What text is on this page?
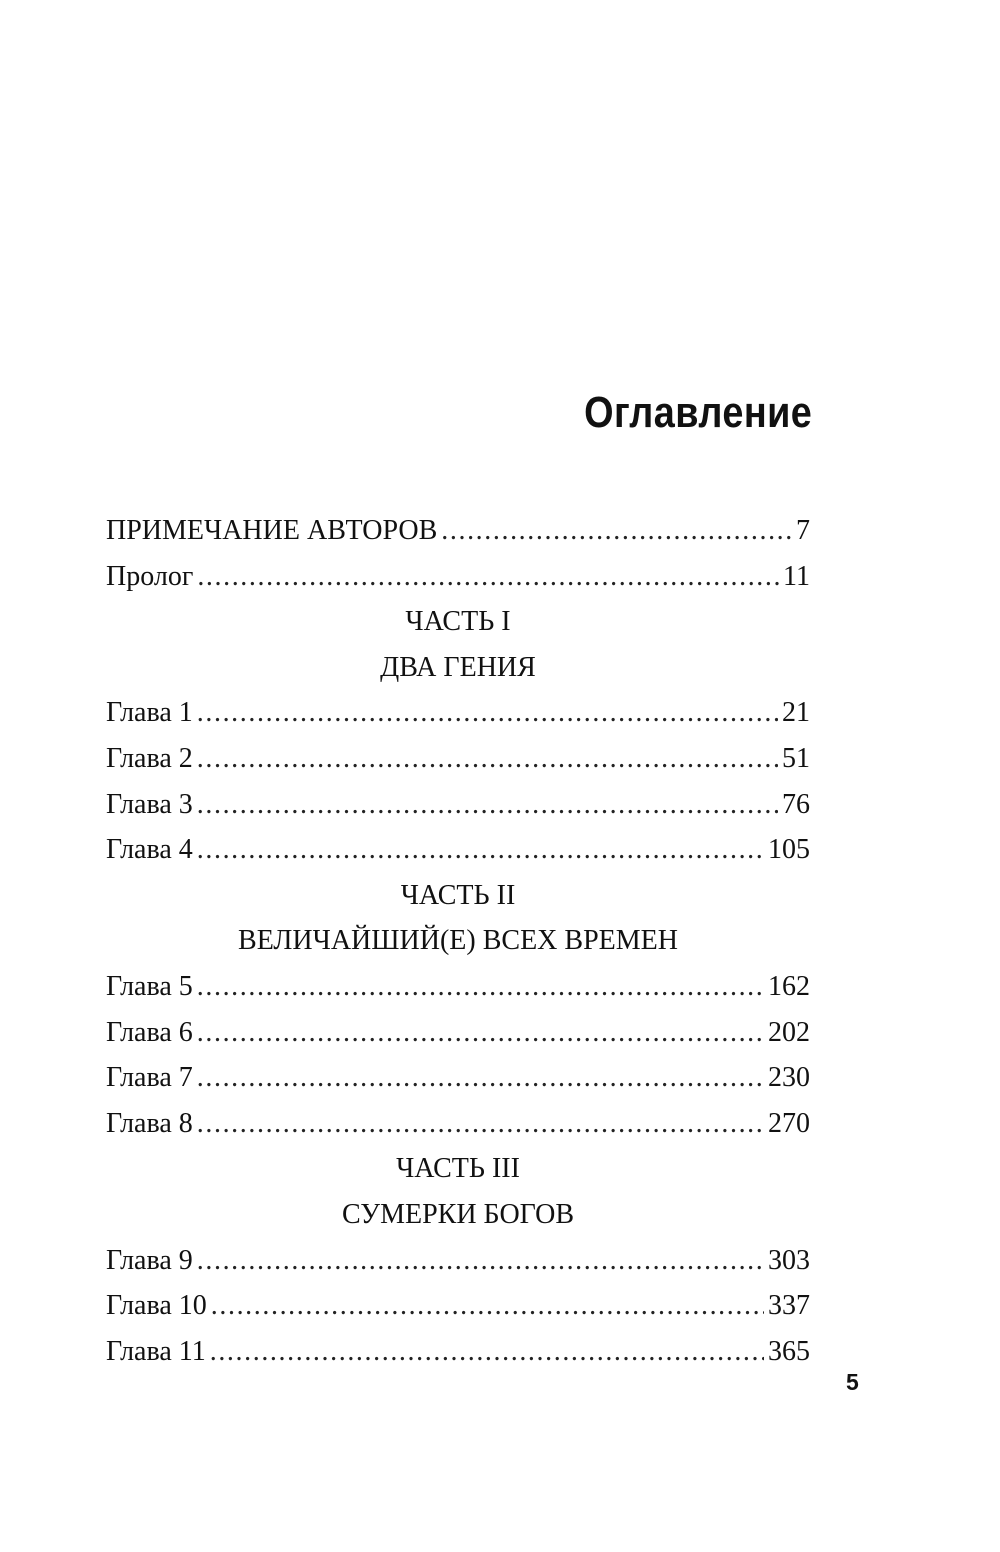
Оглавление
ПРИМЕЧАНИЕ АВТОРОВ .....	7
Пролог .....	11
ЧАСТЬ I
ДВА ГЕНИЯ
Глава 1 .....	21
Глава 2 .....	51
Глава 3 .....	76
Глава 4 .....	105
ЧАСТЬ II
ВЕЛИЧАЙШИЙ(Е) ВСЕХ ВРЕМЕН
Глава 5 .....	162
Глава 6 .....	202
Глава 7 .....	230
Глава 8 .....	270
ЧАСТЬ III
СУМЕРКИ БОГОВ
Глава 9 .....	303
Глава 10 .....	337
Глава 11 .....	365
5
